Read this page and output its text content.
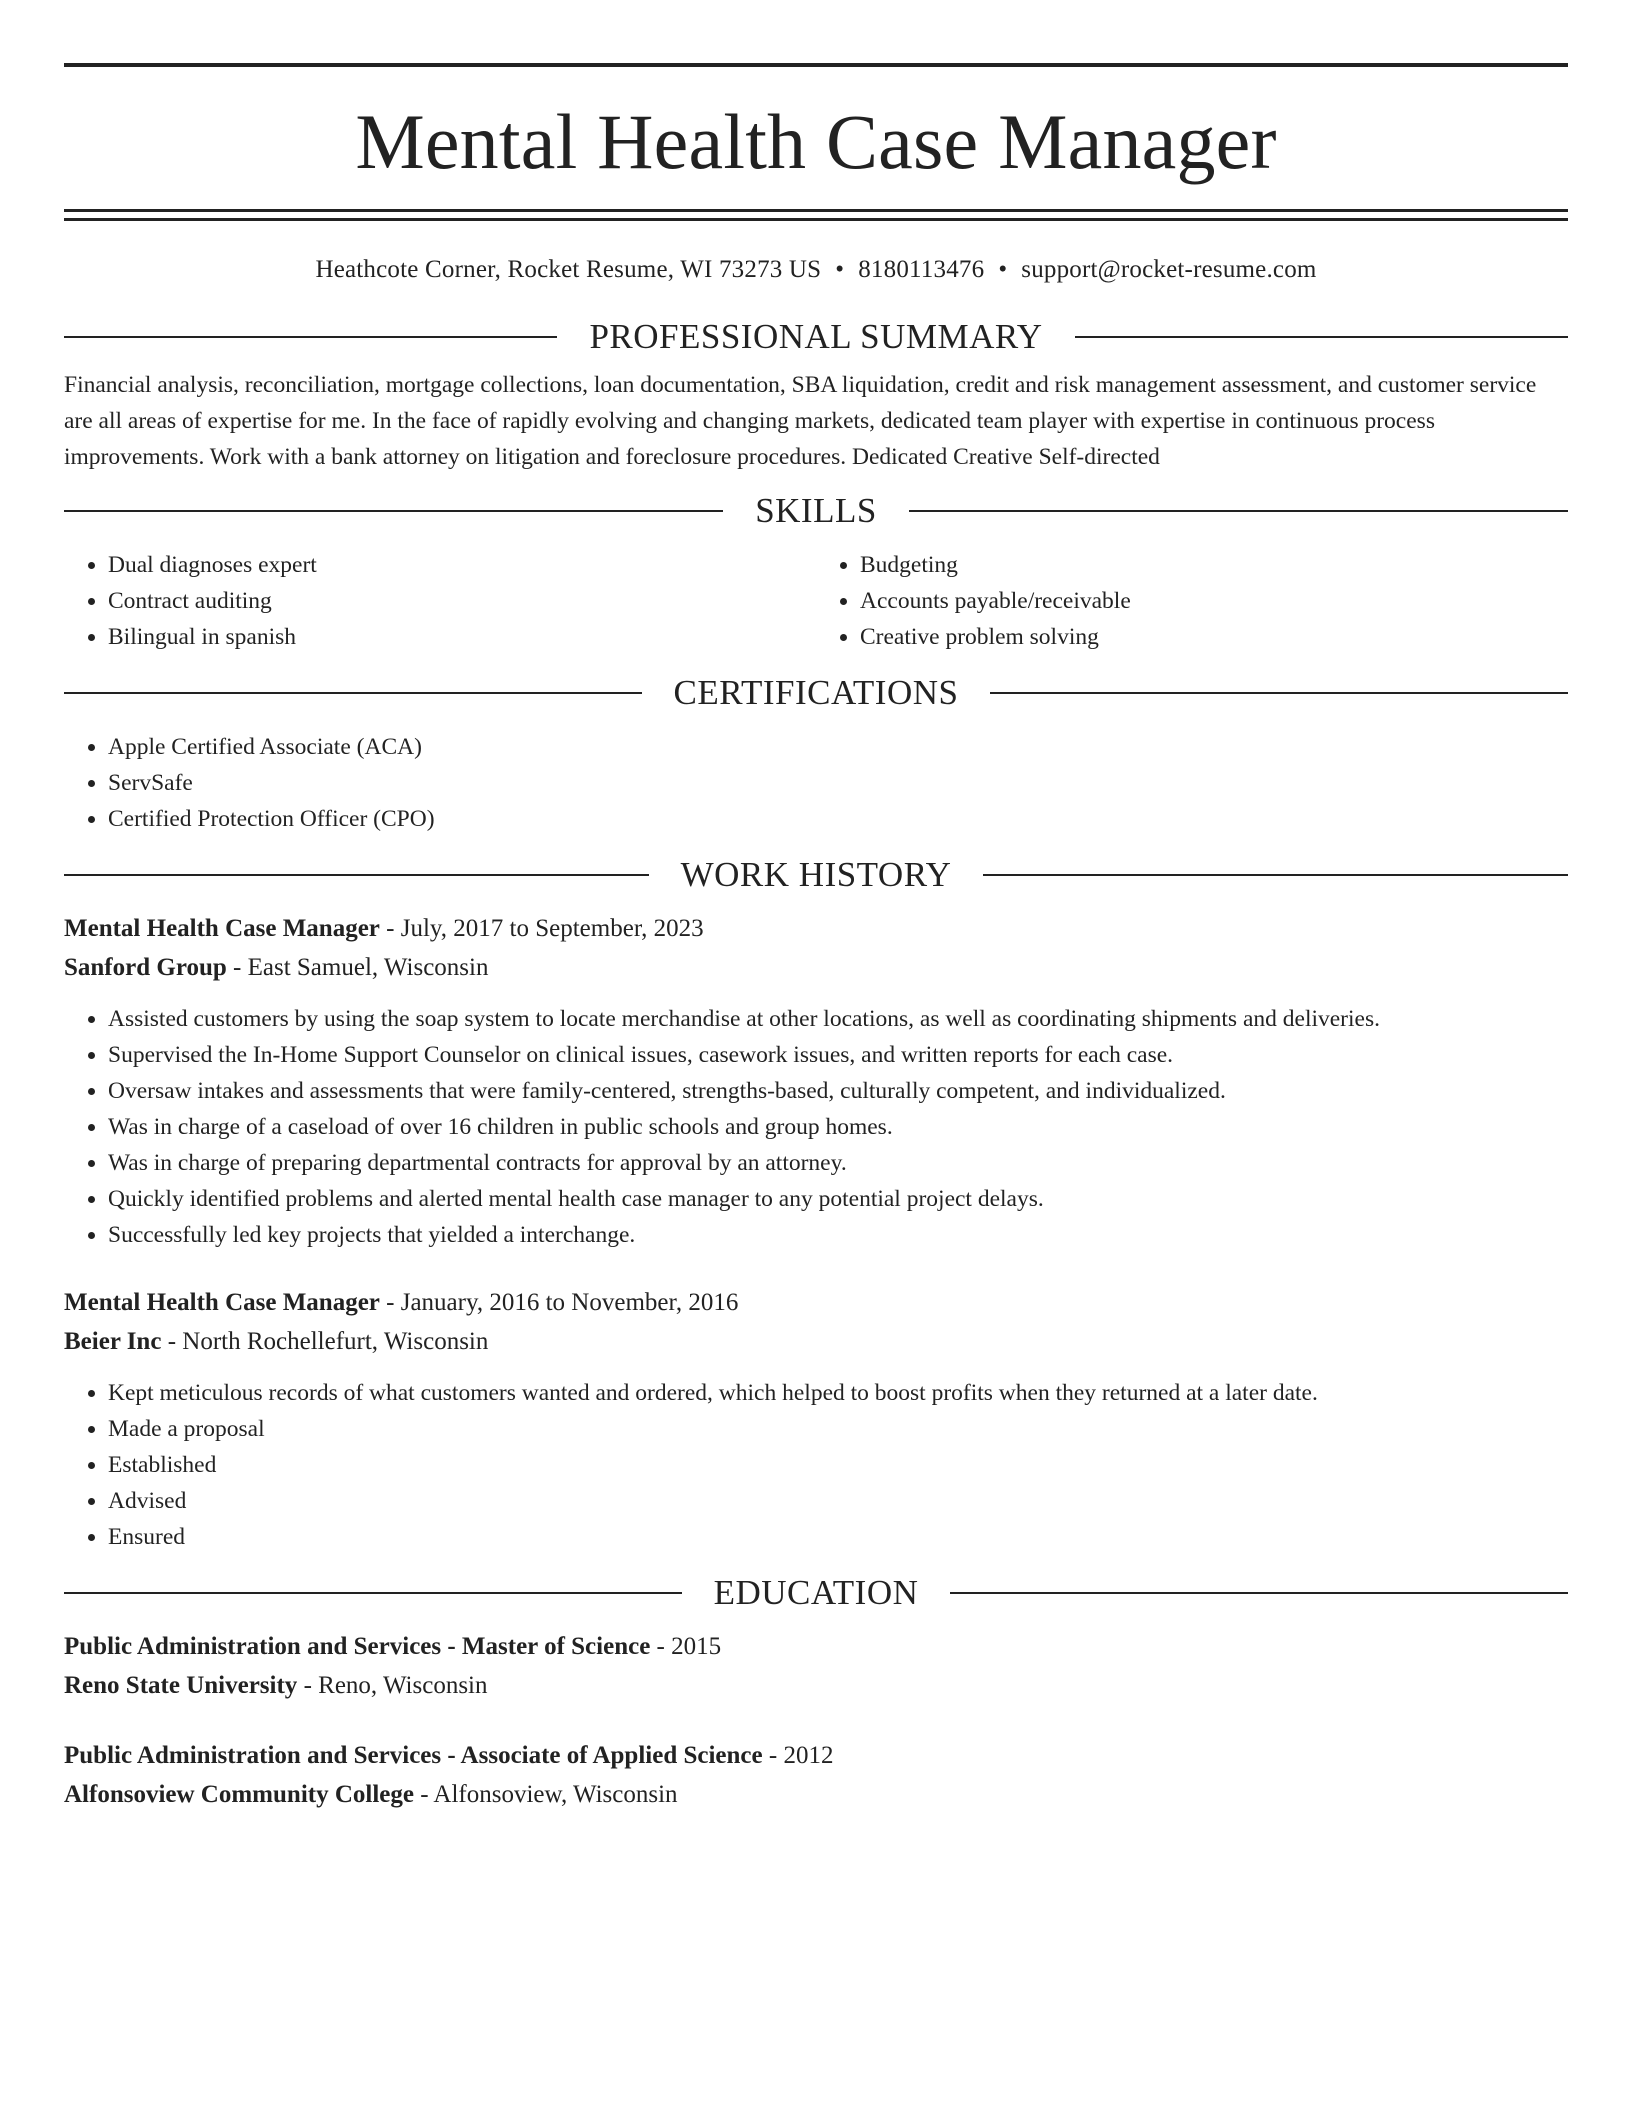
Mental Health Case Manager
Heathcote Corner, Rocket Resume, WI 73273 US • 8180113476 • support@rocket-resume.com
PROFESSIONAL SUMMARY

Financial analysis, reconciliation, mortgage collections, loan documentation, SBA liquidation, credit and risk management assessment, and customer service are all areas of expertise for me. In the face of rapidly evolving and changing markets, dedicated team player with expertise in continuous process improvements. Work with a bank attorney on litigation and foreclosure procedures. Dedicated Creative Self-directed

SKILLS
• Dual diagnoses expert
• Contract auditing
• Bilingual in spanish
• Budgeting
• Accounts payable/receivable
• Creative problem solving
CERTIFICATIONS
• Apple Certified Associate (ACA)
• ServSafe
• Certified Protection Officer (CPO)
WORK HISTORY
Mental Health Case Manager - July, 2017 to September, 2023
Sanford Group - East Samuel, Wisconsin
• Assisted customers by using the soap system to locate merchandise at other locations, as well as coordinating shipments and deliveries.
• Supervised the In-Home Support Counselor on clinical issues, casework issues, and written reports for each case.
• Oversaw intakes and assessments that were family-centered, strengths-based, culturally competent, and individualized.
• Was in charge of a caseload of over 16 children in public schools and group homes.
• Was in charge of preparing departmental contracts for approval by an attorney.
• Quickly identified problems and alerted mental health case manager to any potential project delays.
• Successfully led key projects that yielded a interchange.
Mental Health Case Manager - January, 2016 to November, 2016
Beier Inc - North Rochellefurt, Wisconsin
• Kept meticulous records of what customers wanted and ordered, which helped to boost profits when they returned at a later date.
• Made a proposal
• Established
• Advised
• Ensured
EDUCATION
Public Administration and Services - Master of Science - 2015
Reno State University - Reno, Wisconsin
Public Administration and Services - Associate of Applied Science - 2012
Alfonsoview Community College - Alfonsoview, Wisconsin
